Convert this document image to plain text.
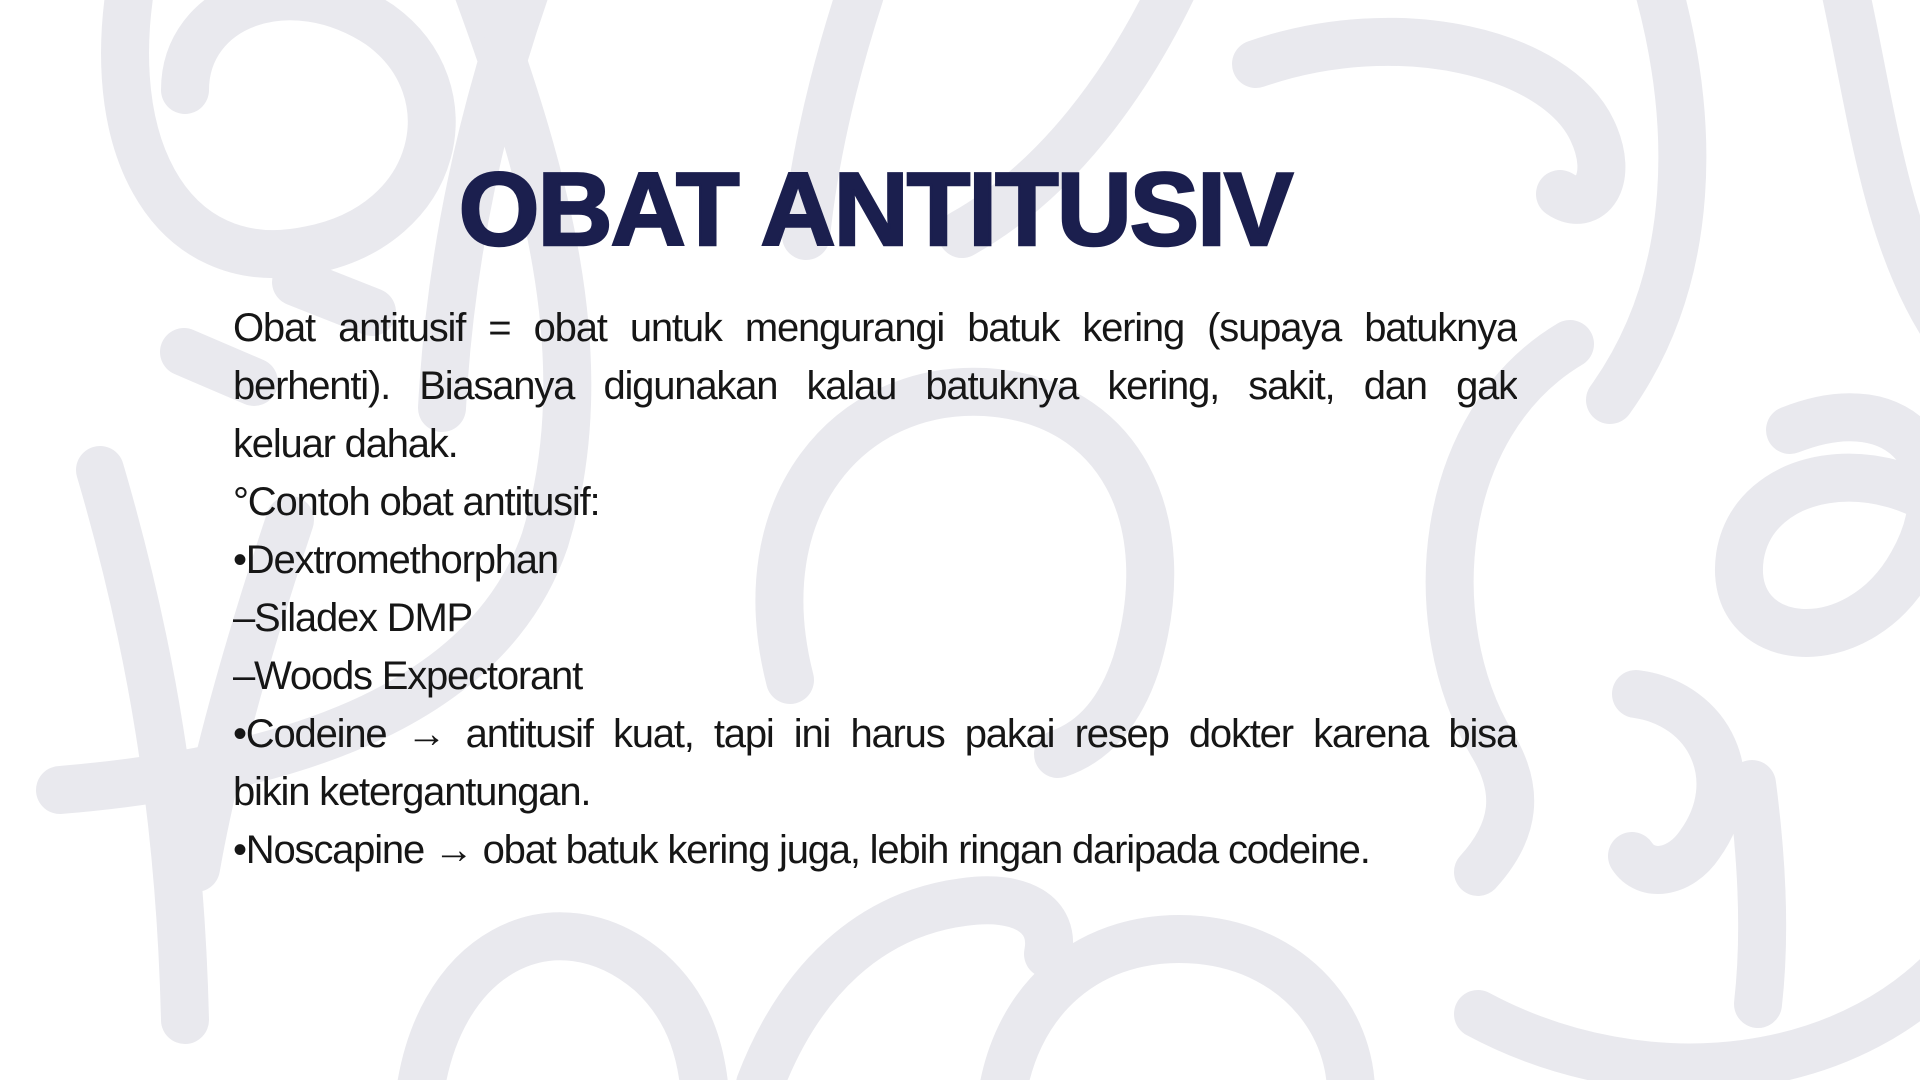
OBAT ANTITUSIV
Obat antitusif = obat untuk mengurangi batuk kering (supaya batuknya
berhenti). Biasanya digunakan kalau batuknya kering, sakit, dan gak
keluar dahak.
°Contoh obat antitusif:
•Dextromethorphan
–Siladex DMP
–Woods Expectorant
•Codeine → antitusif kuat, tapi ini harus pakai resep dokter karena bisa
bikin ketergantungan.
•Noscapine → obat batuk kering juga, lebih ringan daripada codeine.
